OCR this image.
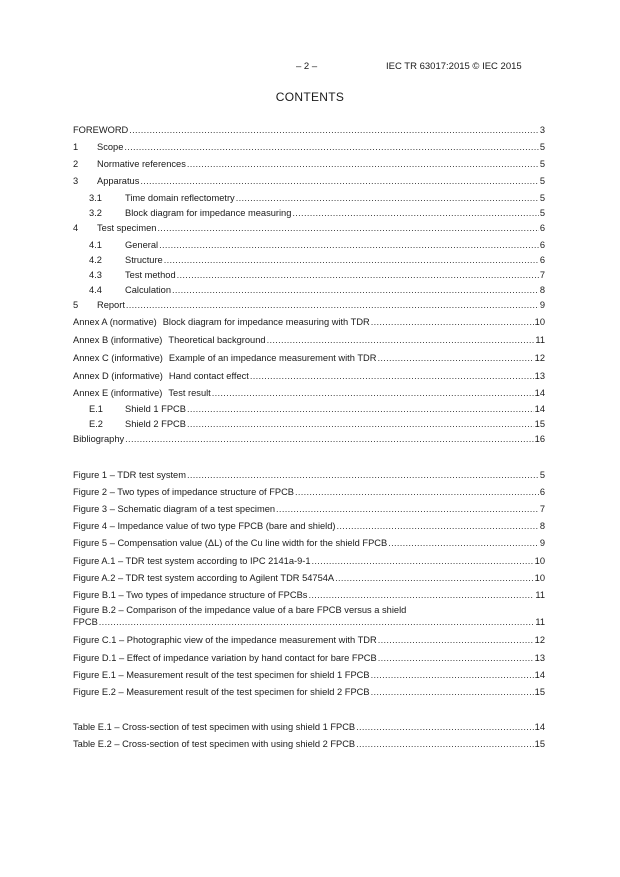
– 2 –	IEC TR 63017:2015 © IEC 2015
CONTENTS
FOREWORD .....	3
1	Scope .....	5
2	Normative references .....	5
3	Apparatus .....	5
3.1	Time domain reflectometry .....	5
3.2	Block diagram for impedance measuring .....	5
4	Test specimen .....	6
4.1	General .....	6
4.2	Structure .....	6
4.3	Test method .....	7
4.4	Calculation .....	8
5	Report .....	9
Annex A (normative) Block diagram for impedance measuring with TDR .....	10
Annex B (informative) Theoretical background .....	11
Annex C (informative) Example of an impedance measurement with TDR .....	12
Annex D (informative) Hand contact effect .....	13
Annex E (informative) Test result .....	14
E.1	Shield 1 FPCB .....	14
E.2	Shield 2 FPCB .....	15
Bibliography .....	16
Figure 1 – TDR test system .....	5
Figure 2 – Two types of impedance structure of FPCB .....	6
Figure 3 – Schematic diagram of a test specimen .....	7
Figure 4 – Impedance value of two type FPCB (bare and shield) .....	8
Figure 5 – Compensation value (ΔL) of the Cu line width for the shield FPCB .....	9
Figure A.1 – TDR test system according to IPC 2141a-9-1 .....	10
Figure A.2 – TDR test system according to Agilent TDR 54754A .....	10
Figure B.1 – Two types of impedance structure of FPCBs .....	11
Figure B.2 – Comparison of the impedance value of a bare FPCB versus a shield
FPCB .....	11
Figure C.1 – Photographic view of the impedance measurement with TDR .....	12
Figure D.1 – Effect of impedance variation by hand contact for bare FPCB .....	13
Figure E.1 – Measurement result of the test specimen for shield 1 FPCB .....	14
Figure E.2 – Measurement result of the test specimen for shield 2 FPCB .....	15
Table E.1 – Cross-section of test specimen with using shield 1 FPCB .....	14
Table E.2 – Cross-section of test specimen with using shield 2 FPCB .....	15
